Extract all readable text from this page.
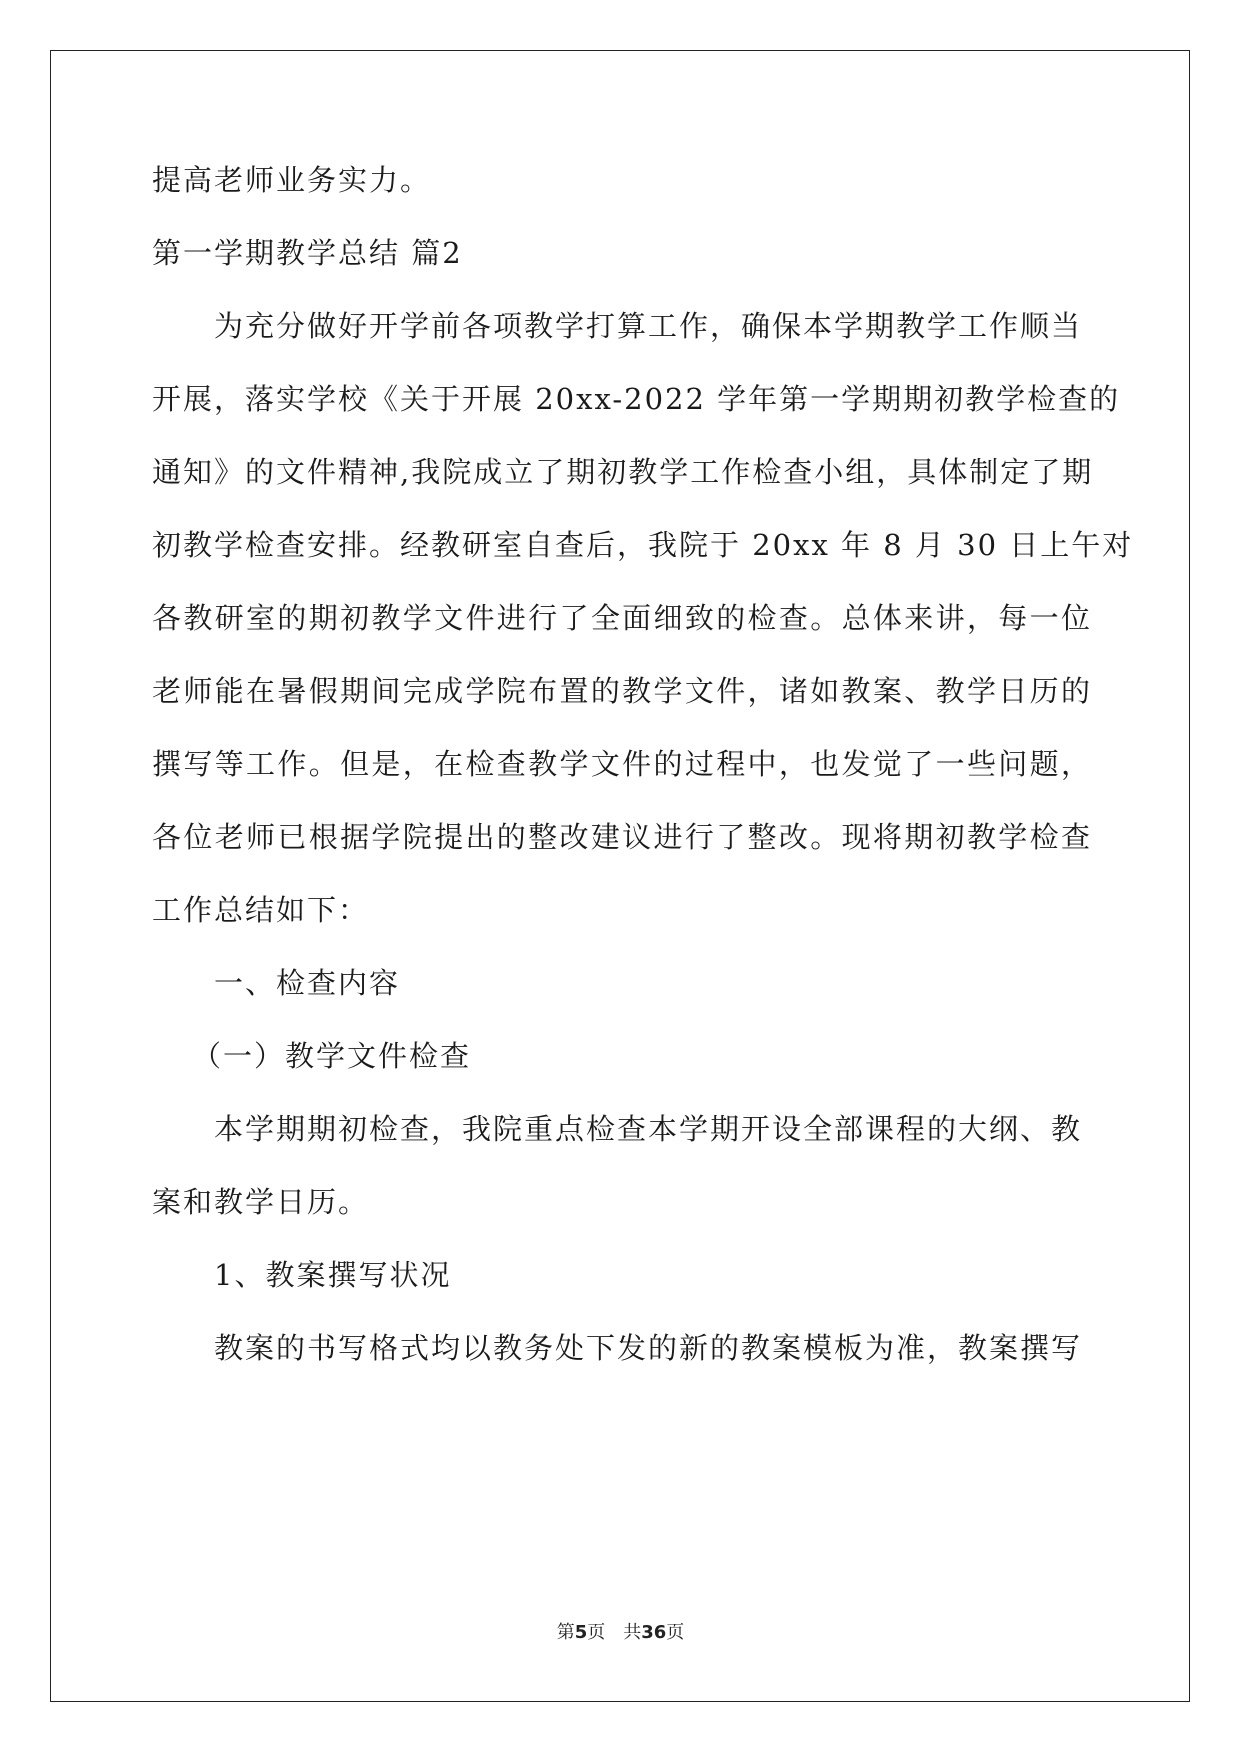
提高老师业务实力。
第一学期教学总结 篇2
为充分做好开学前各项教学打算工作，确保本学期教学工作顺当
开展，落实学校《关于开展 20xx-2022 学年第一学期期初教学检查的
通知》的文件精神,我院成立了期初教学工作检查小组，具体制定了期
初教学检查安排。经教研室自查后，我院于 20xx 年 8 月 30 日上午对
各教研室的期初教学文件进行了全面细致的检查。总体来讲，每一位
老师能在暑假期间完成学院布置的教学文件，诸如教案、教学日历的
撰写等工作。但是，在检查教学文件的过程中，也发觉了一些问题，
各位老师已根据学院提出的整改建议进行了整改。现将期初教学检查
工作总结如下：
一、检查内容
（一）教学文件检查
本学期期初检查，我院重点检查本学期开设全部课程的大纲、教
案和教学日历。
1、教案撰写状况
教案的书写格式均以教务处下发的新的教案模板为准，教案撰写
第5页　共36页
